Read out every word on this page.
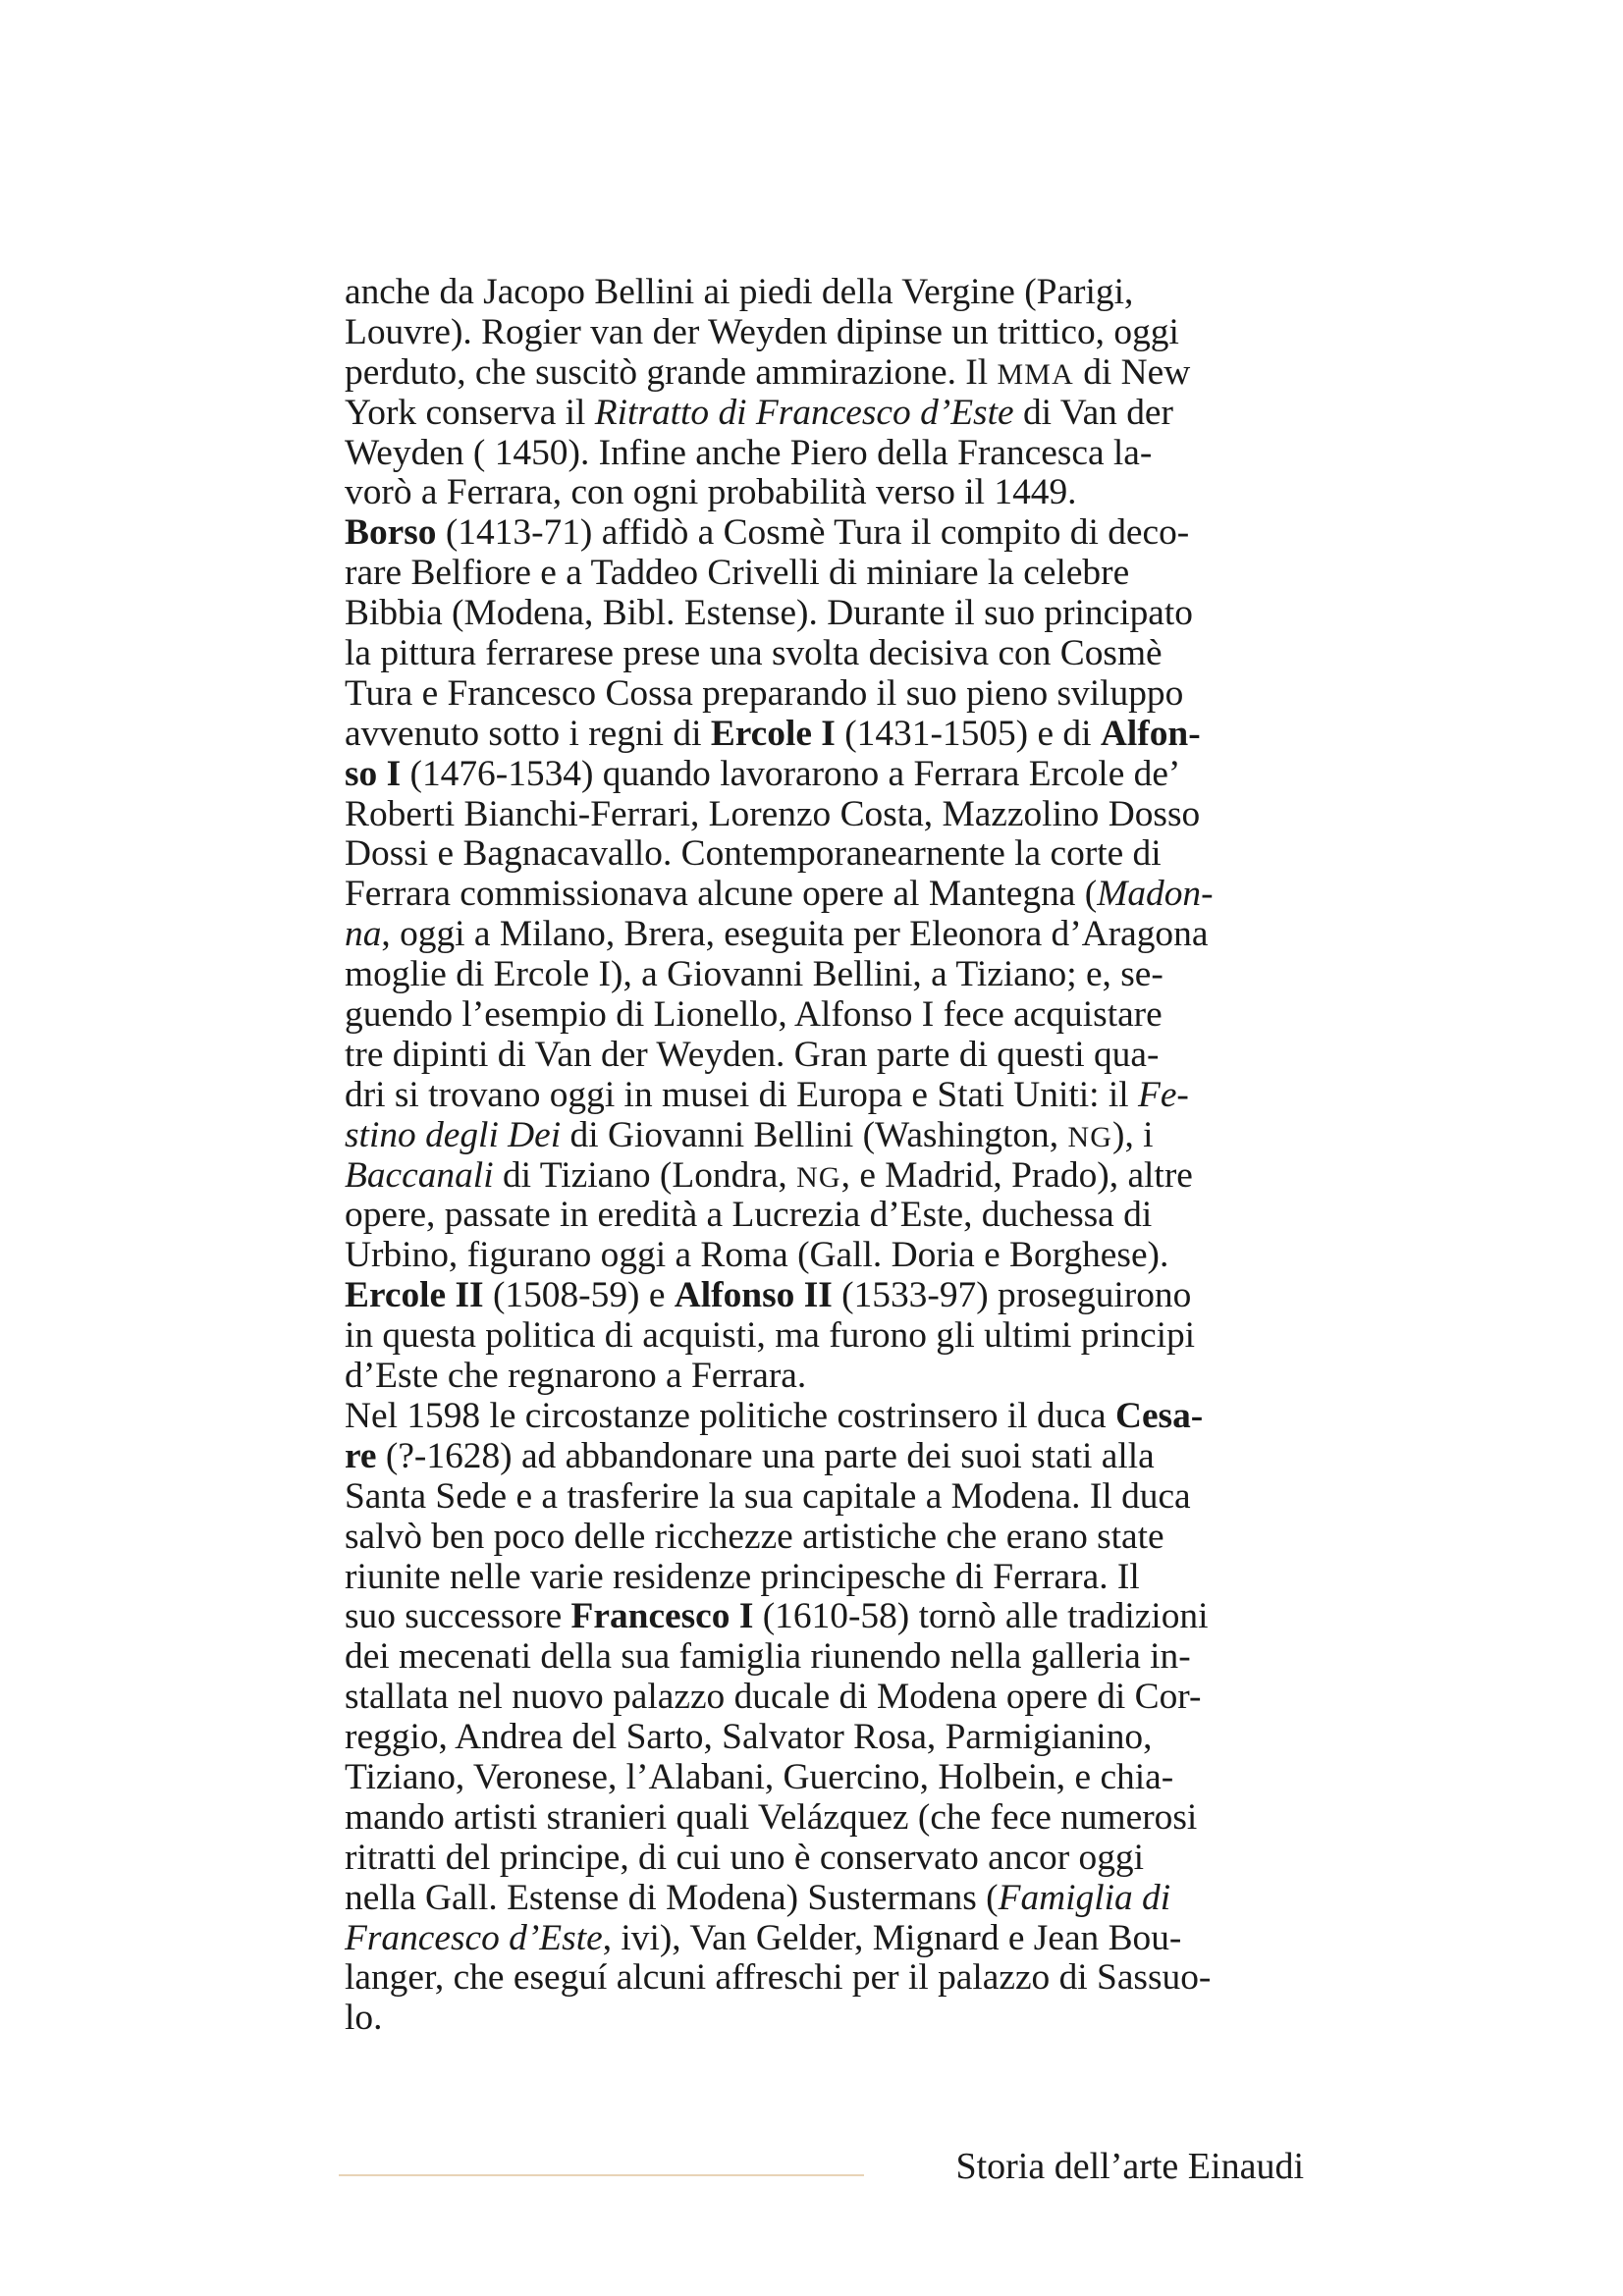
anche da Jacopo Bellini ai piedi della Vergine (Parigi,
Louvre). Rogier van der Weyden dipinse un trittico, oggi
perduto, che suscitò grande ammirazione. Il MMA di New
York conserva il Ritratto di Francesco d’Este di Van der
Weyden ( 1450). Infine anche Piero della Francesca la-
vorò a Ferrara, con ogni probabilità verso il 1449.
Borso (1413-71) affidò a Cosmè Tura il compito di deco-
rare Belfiore e a Taddeo Crivelli di miniare la celebre
Bibbia (Modena, Bibl. Estense). Durante il suo principato
la pittura ferrarese prese una svolta decisiva con Cosmè
Tura e Francesco Cossa preparando il suo pieno sviluppo
avvenuto sotto i regni di Ercole I (1431-1505) e di Alfon-
so I (1476-1534) quando lavorarono a Ferrara Ercole de’
Roberti Bianchi-Ferrari, Lorenzo Costa, Mazzolino Dosso
Dossi e Bagnacavallo. Contemporanearnente la corte di
Ferrara commissionava alcune opere al Mantegna (Madon-
na, oggi a Milano, Brera, eseguita per Eleonora d’Aragona
moglie di Ercole I), a Giovanni Bellini, a Tiziano; e, se-
guendo l’esempio di Lionello, Alfonso I fece acquistare
tre dipinti di Van der Weyden. Gran parte di questi qua-
dri si trovano oggi in musei di Europa e Stati Uniti: il Fe-
stino degli Dei di Giovanni Bellini (Washington, NG), i
Baccanali di Tiziano (Londra, NG, e Madrid, Prado), altre
opere, passate in eredità a Lucrezia d’Este, duchessa di
Urbino, figurano oggi a Roma (Gall. Doria e Borghese).
Ercole II (1508-59) e Alfonso II (1533-97) proseguirono
in questa politica di acquisti, ma furono gli ultimi principi
d’Este che regnarono a Ferrara.
Nel 1598 le circostanze politiche costrinsero il duca Cesa-
re (?-1628) ad abbandonare una parte dei suoi stati alla
Santa Sede e a trasferire la sua capitale a Modena. Il duca
salvò ben poco delle ricchezze artistiche che erano state
riunite nelle varie residenze principesche di Ferrara. Il
suo successore Francesco I (1610-58) tornò alle tradizioni
dei mecenati della sua famiglia riunendo nella galleria in-
stallata nel nuovo palazzo ducale di Modena opere di Cor-
reggio, Andrea del Sarto, Salvator Rosa, Parmigianino,
Tiziano, Veronese, l’Alabani, Guercino, Holbein, e chia-
mando artisti stranieri quali Velázquez (che fece numerosi
ritratti del principe, di cui uno è conservato ancor oggi
nella Gall. Estense di Modena) Sustermans (Famiglia di
Francesco d’Este, ivi), Van Gelder, Mignard e Jean Bou-
langer, che eseguí alcuni affreschi per il palazzo di Sassuo-
lo.
Storia dell’arte Einaudi
